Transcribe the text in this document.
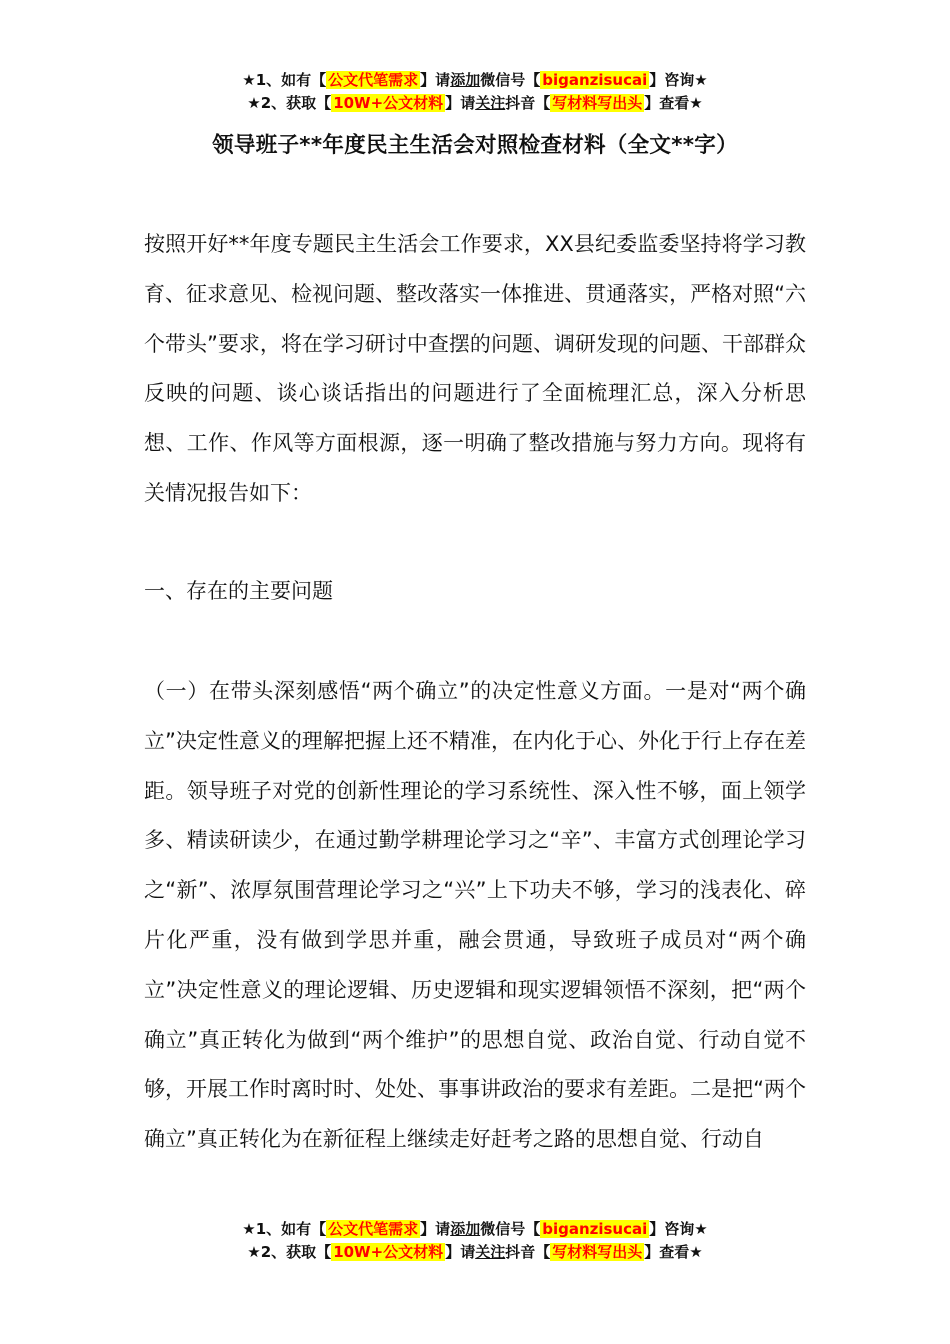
★1、如有【 公文代笔需求 】请添加微信号【 biganzisucai 】咨询★
★2、获取【 10W+公文材料 】请关注抖音【 写材料写出头 】查看★
领导班子**年度民主生活会对照检查材料（全文**字）
按照开好**年度专题民主生活会工作要求，XX县纪委监委坚持将学习教育、征求意见、检视问题、整改落实一体推进、贯通落实，严格对照“六个带头”要求，将在学习研讨中查摆的问题、调研发现的问题、干部群众反映的问题、谈心谈话指出的问题进行了全面梳理汇总，深入分析思想、工作、作风等方面根源，逐一明确了整改措施与努力方向。现将有关情况报告如下：
一、存在的主要问题
（一）在带头深刻感悟“两个确立”的决定性意义方面。一是对“两个确立”决定性意义的理解把握上还不精准，在内化于心、外化于行上存在差距。领导班子对党的创新性理论的学习系统性、深入性不够，面上领学多、精读研读少，在通过勤学耕理论学习之“辛”、丰富方式创理论学习之“新”、浓厚氛围营理论学习之“兴”上下功夫不够，学习的浅表化、碎片化严重，没有做到学思并重，融会贯通，导致班子成员对“两个确立”决定性意义的理论逻辑、历史逻辑和现实逻辑领悟不深刻，把“两个确立”真正转化为做到“两个维护”的思想自觉、政治自觉、行动自觉不够，开展工作时离时时、处处、事事讲政治的要求有差距。二是把“两个确立”真正转化为在新征程上继续走好赶考之路的思想自觉、行动自
★1、如有【 公文代笔需求 】请添加微信号【 biganzisucai 】咨询★
★2、获取【 10W+公文材料 】请关注抖音【 写材料写出头 】查看★
